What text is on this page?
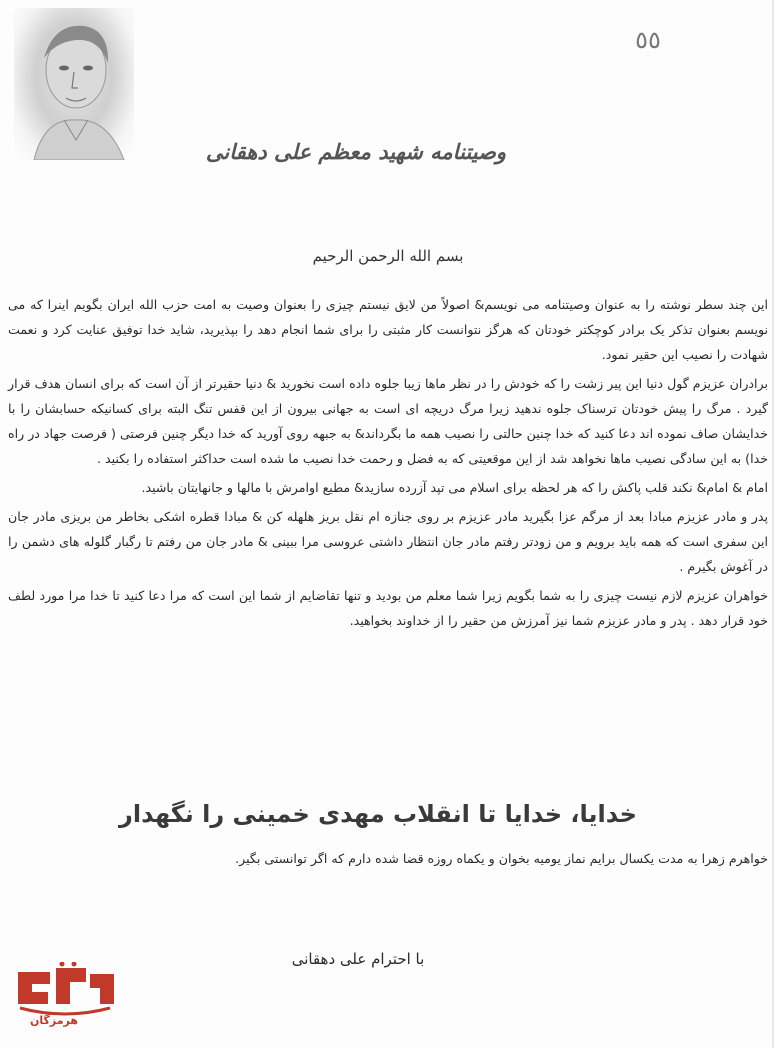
٥٥
وصیتنامه شهید معظم علی دهقانی
بسم الله الرحمن الرحیم

این چند سطر نوشته را به عنوان وصیتنامه می نویسم& اصولاً من لایق نیستم چیزی را بعنوان وصیت به امت حزب الله ایران بگویم اینرا که می نویسم بعنوان تذکر یک برادر کوچکتر خودتان که هرگز نتوانست کار مثبتی را برای شما انجام دهد را بپذیرید، شاید خدا توفیق عنایت کرد و نعمت شهادت را نصیب این حقیر نمود.

برادران عزیزم گول دنیا این پیر زشت را که خودش را در نظر ماها زیبا جلوه داده است نخورید & دنیا حقیرتر از آن است که برای انسان هدف قرار گیرد . مرگ را پیش خودتان ترسناک جلوه ندهید زیرا مرگ دریچه ای است به جهانی بیرون از این قفس تنگ البته برای کسانیکه حسابشان را با خدایشان صاف نموده اند دعا کنید که خدا چنین حالتی را نصیب همه ما بگرداند& به جبهه روی آورید که خدا دیگر چنین فرصتی ( فرصت جهاد در راه خدا) به این سادگی نصیب ماها نخواهد شد از این موقعیتی که به فضل و رحمت خدا نصیب ما شده است حداکثر استفاده را بکنید .

امام & امام& نکند قلب پاکش را که هر لحظه برای اسلام می تپد آزرده سازید& مطیع اوامرش با مالها و جانهایتان باشید.

پدر و مادر عزیزم مبادا بعد از مرگم عزا بگیرید مادر عزیزم بر روی جنازه ام نقل بریز هلهله کن & مبادا قطره اشکی بخاطر من بریزی مادر جان این سفری است که همه باید برویم و من زودتر رفتم مادر جان انتظار داشتی عروسی مرا ببینی & مادر جان من رفتم تا رگبار گلوله های دشمن را در آغوش بگیرم .

خواهران عزیزم لازم نیست چیزی را به شما بگویم زیرا شما معلم من بودید و تنها تقاضایم از شما این است که مرا دعا کنید تا خدا مرا مورد لطف خود قرار دهد . پدر و مادر عزیزم شما نیز آمرزش من حقیر را از خداوند بخواهید.

خدایا، خدایا تا انقلاب مهدی خمینی را نگهدار
خواهرم زهرا به مدت یکسال برایم نماز یومیه بخوان و یکماه روزه قضا شده دارم که اگر توانستی بگیر.
با احترام علی دهقانی
هرمزگان
